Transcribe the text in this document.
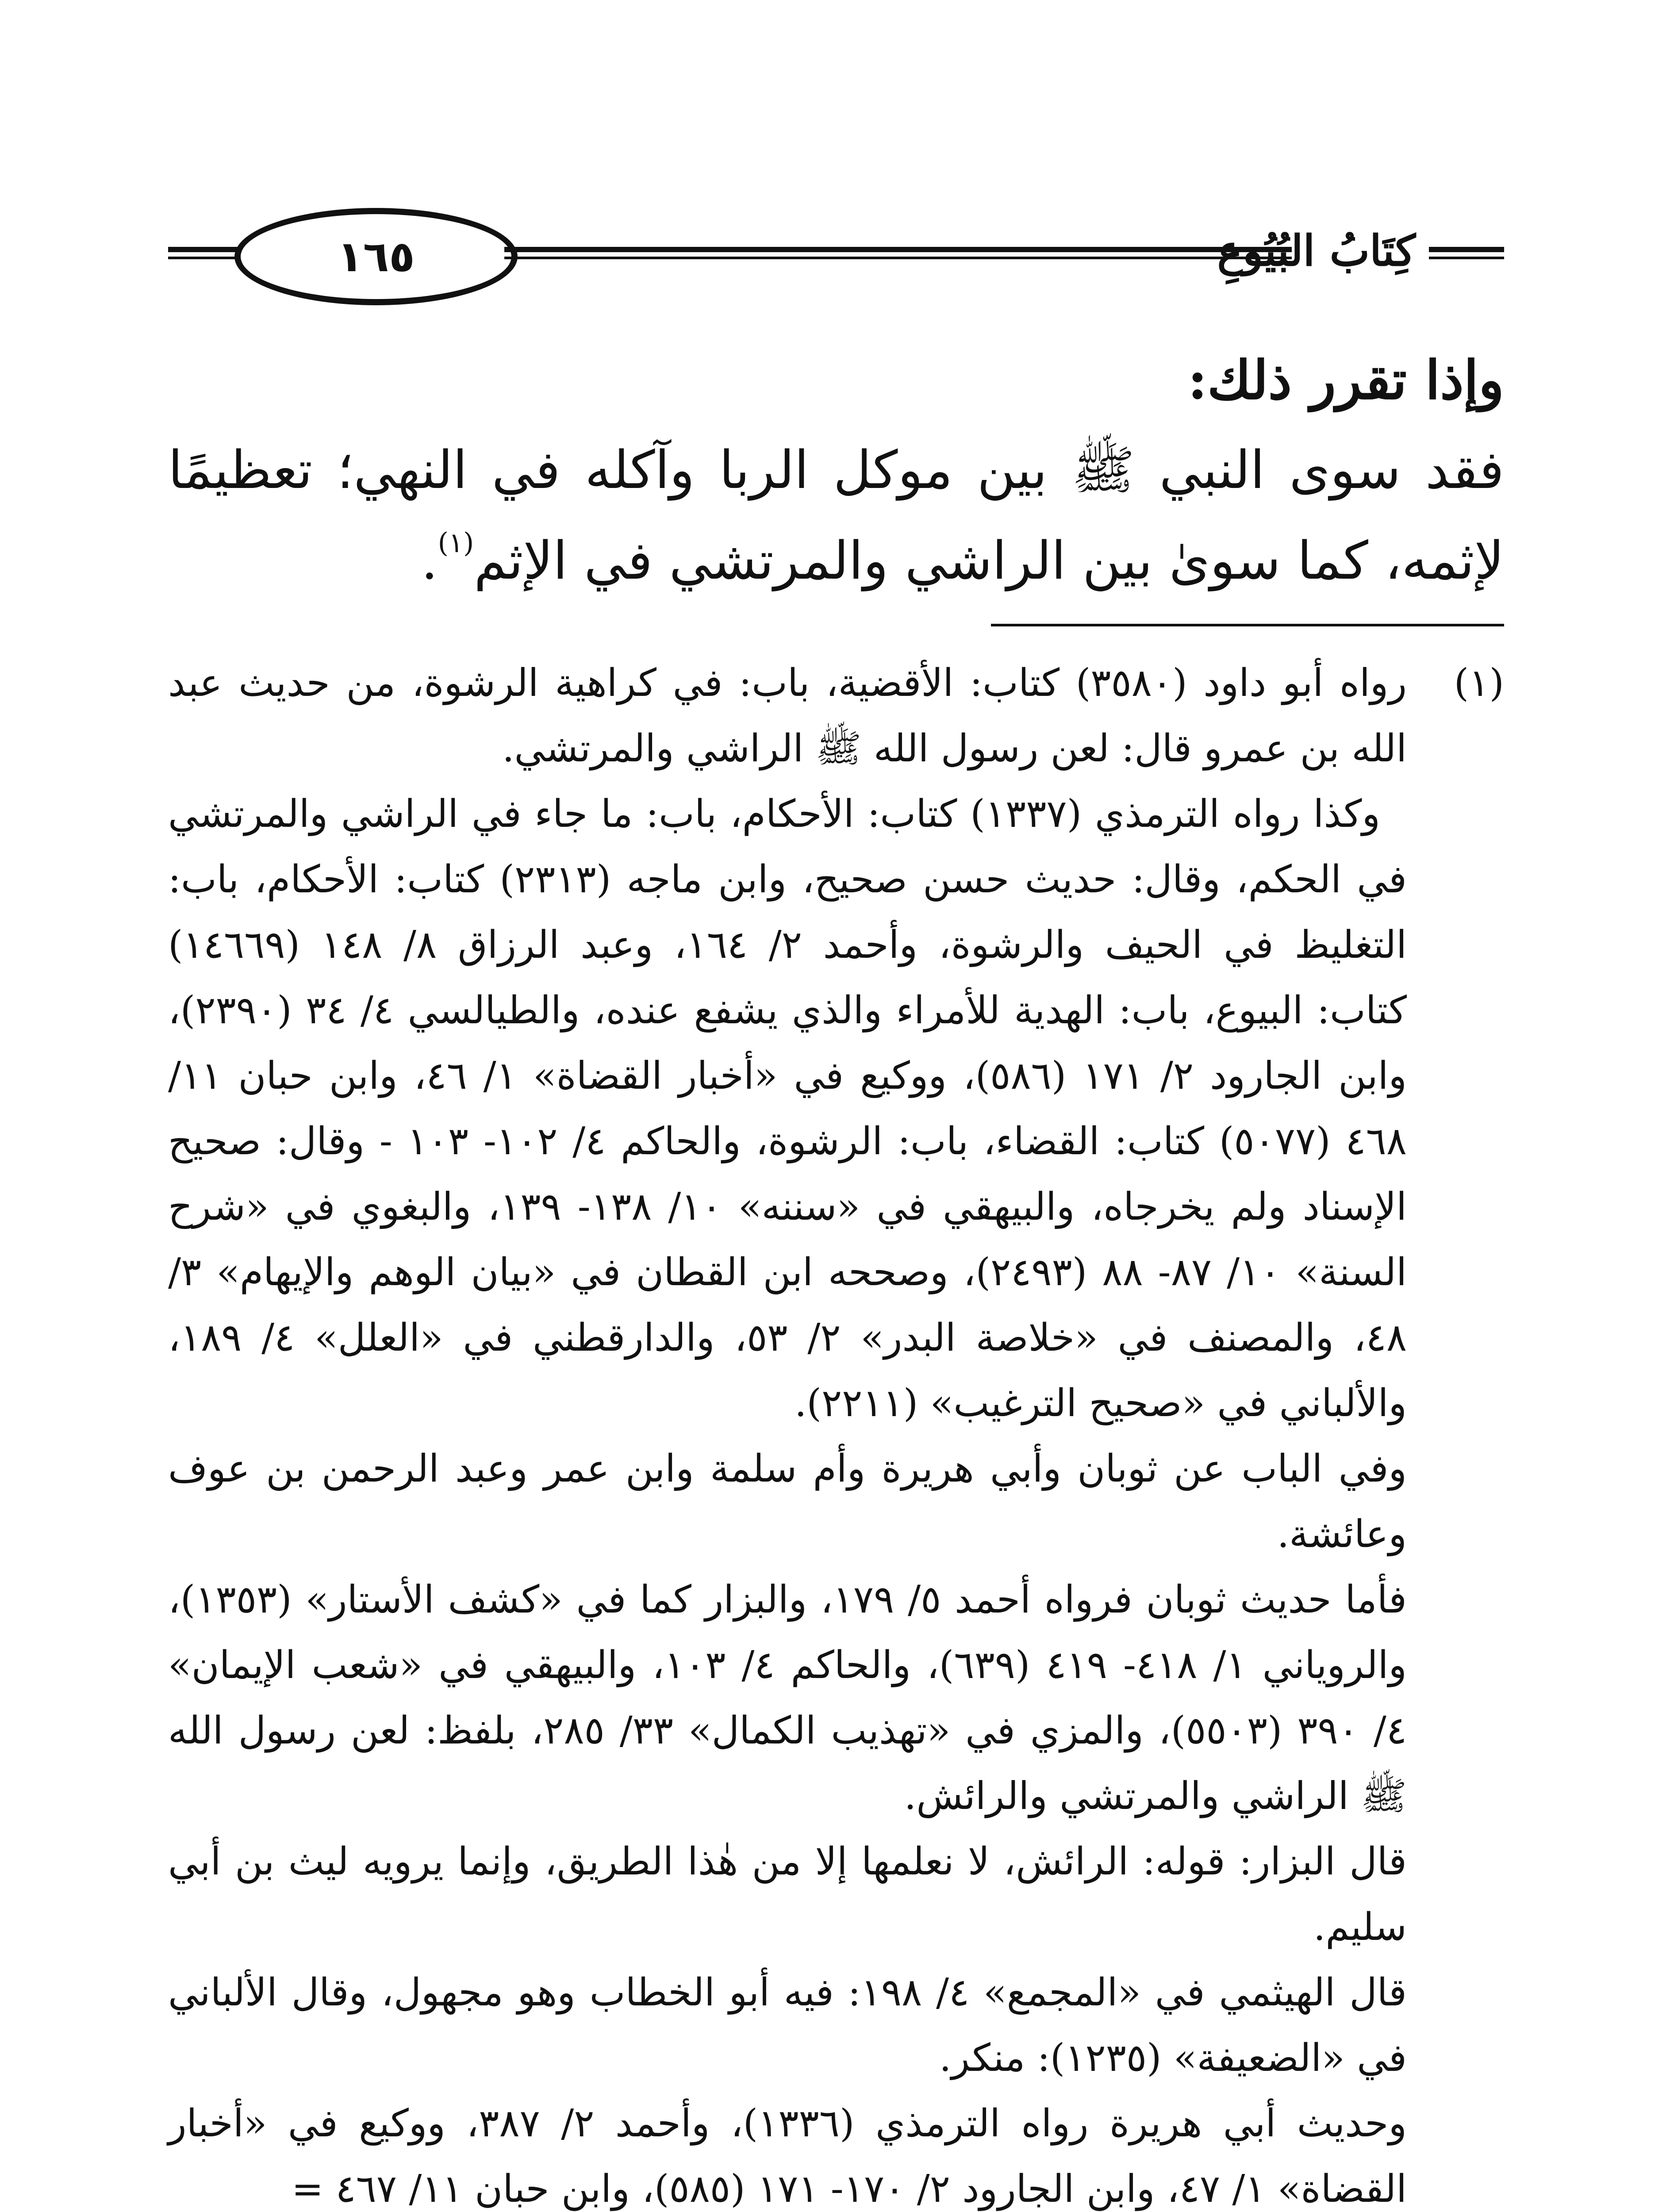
١٦٥	كِتَابُ البُيُوعِ

وإذا تقرر ذلك:

فقد سوى النبي ﷺ بين موكل الربا وآكله في النهي؛ تعظيمًا لإثمه، كما سوىٰ بين الراشي والمرتشي في الإثم$^{(١)}$.

(١)

رواه أبو داود (٣٥٨٠) كتاب: الأقضية، باب: في كراهية الرشوة، من حديث عبد الله بن عمرو قال: لعن رسول الله ﷺ الراشي والمرتشي.

وكذا رواه الترمذي (١٣٣٧) كتاب: الأحكام، باب: ما جاء في الراشي والمرتشي في الحكم، وقال: حديث حسن صحيح، وابن ماجه (٢٣١٣) كتاب: الأحكام، باب: التغليظ في الحيف والرشوة، وأحمد ٢/ ١٦٤، وعبد الرزاق ٨/ ١٤٨ (١٤٦٦٩) كتاب: البيوع، باب: الهدية للأمراء والذي يشفع عنده، والطيالسي ٤/ ٣٤ (٢٣٩٠)، وابن الجارود ٢/ ١٧١ (٥٨٦)، ووكيع في «أخبار القضاة» ١/ ٤٦، وابن حبان ١١/ ٤٦٨ (٥٠٧٧) كتاب: القضاء، باب: الرشوة، والحاكم ٤/ ١٠٢- ١٠٣ - وقال: صحيح الإسناد ولم يخرجاه، والبيهقي في «سننه» ١٠/ ١٣٨- ١٣٩، والبغوي في «شرح السنة» ١٠/ ٨٧- ٨٨ (٢٤٩٣)، وصححه ابن القطان في «بيان الوهم والإيهام» ٣/ ٤٨، والمصنف في «خلاصة البدر» ٢/ ٥٣، والدارقطني في «العلل» ٤/ ١٨٩، والألباني في «صحيح الترغيب» (٢٢١١).

وفي الباب عن ثوبان وأبي هريرة وأم سلمة وابن عمر وعبد الرحمن بن عوف وعائشة.

فأما حديث ثوبان فرواه أحمد ٥/ ١٧٩، والبزار كما في «كشف الأستار» (١٣٥٣)، والروياني ١/ ٤١٨- ٤١٩ (٦٣٩)، والحاكم ٤/ ١٠٣، والبيهقي في «شعب الإيمان» ٤/ ٣٩٠ (٥٥٠٣)، والمزي في «تهذيب الكمال» ٣٣/ ٢٨٥، بلفظ: لعن رسول الله ﷺ الراشي والمرتشي والرائش.

قال البزار: قوله: الرائش، لا نعلمها إلا من هٰذا الطريق، وإنما يرويه ليث بن أبي سليم.

قال الهيثمي في «المجمع» ٤/ ١٩٨: فيه أبو الخطاب وهو مجهول، وقال الألباني في «الضعيفة» (١٢٣٥): منكر.

وحديث أبي هريرة رواه الترمذي (١٣٣٦)، وأحمد ٢/ ٣٨٧، ووكيع في «أخبار القضاة» ١/ ٤٧، وابن الجارود ٢/ ١٧٠- ١٧١ (٥٨٥)، وابن حبان ١١/ ٤٦٧ =
